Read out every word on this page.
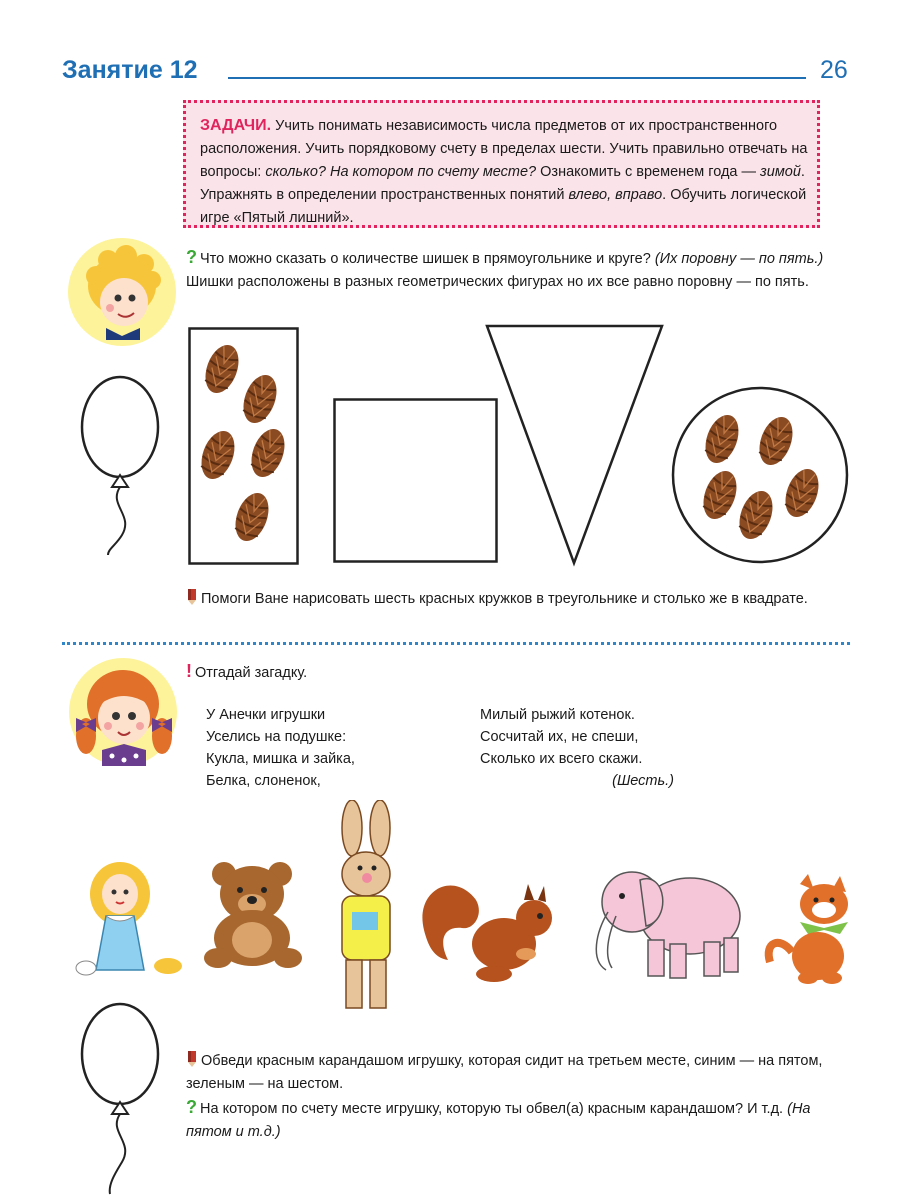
Занятие 12	26
ЗАДАЧИ. Учить понимать независимость числа предметов от их пространственного расположения. Учить порядковому счету в пределах шести. Учить правильно отвечать на вопросы: сколько? На котором по счету месте? Ознакомить с временем года — зимой. Упражнять в определении пространственных понятий влево, вправо. Обучить логической игре «Пятый лишний».
? Что можно сказать о количестве шишек в прямоугольнике и круге? (Их поровну — по пять.) Шишки расположены в разных геометрических фигурах но их все равно поровну — по пять.
Помоги Ване нарисовать шесть красных кружков в треугольнике и столько же в квадрате.
! Отгадай загадку.
У Анечки игрушки
Уселись на подушке:
Кукла, мишка и зайка,
Белка, слоненок,
Милый рыжий котенок.
Сосчитай их, не спеши,
Сколько их всего скажи.
(Шесть.)
Обведи красным карандашом игрушку, которая сидит на третьем месте, синим — на пятом, зеленым — на шестом.
? На котором по счету месте игрушку, которую ты обвел(а) красным карандашом? И т.д. (На пятом и т.д.)
